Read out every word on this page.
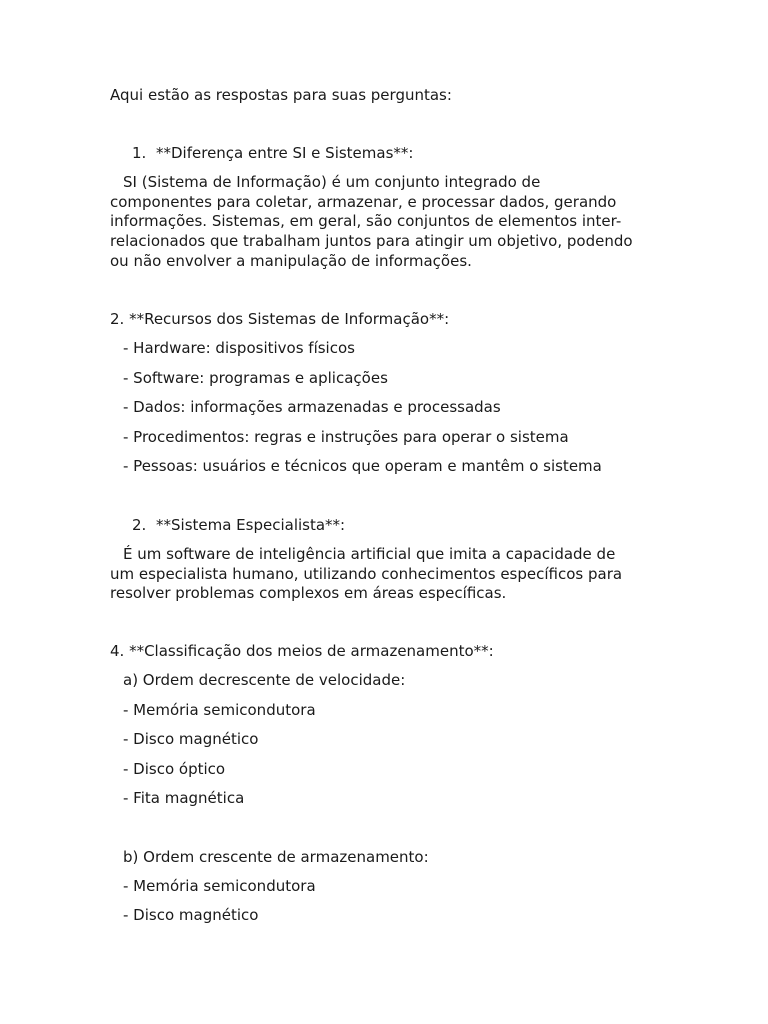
Aqui estão as respostas para suas perguntas:
1. **Diferença entre SI e Sistemas**:
SI (Sistema de Informação) é um conjunto integrado de
componentes para coletar, armazenar, e processar dados, gerando
informações. Sistemas, em geral, são conjuntos de elementos inter-
relacionados que trabalham juntos para atingir um objetivo, podendo
ou não envolver a manipulação de informações.
2. **Recursos dos Sistemas de Informação**:
- Hardware: dispositivos físicos
- Software: programas e aplicações
- Dados: informações armazenadas e processadas
- Procedimentos: regras e instruções para operar o sistema
- Pessoas: usuários e técnicos que operam e mantêm o sistema
2. **Sistema Especialista**:
É um software de inteligência artificial que imita a capacidade de
um especialista humano, utilizando conhecimentos específicos para
resolver problemas complexos em áreas específicas.
4. **Classificação dos meios de armazenamento**:
a) Ordem decrescente de velocidade:
- Memória semicondutora
- Disco magnético
- Disco óptico
- Fita magnética
b) Ordem crescente de armazenamento:
- Memória semicondutora
- Disco magnético
